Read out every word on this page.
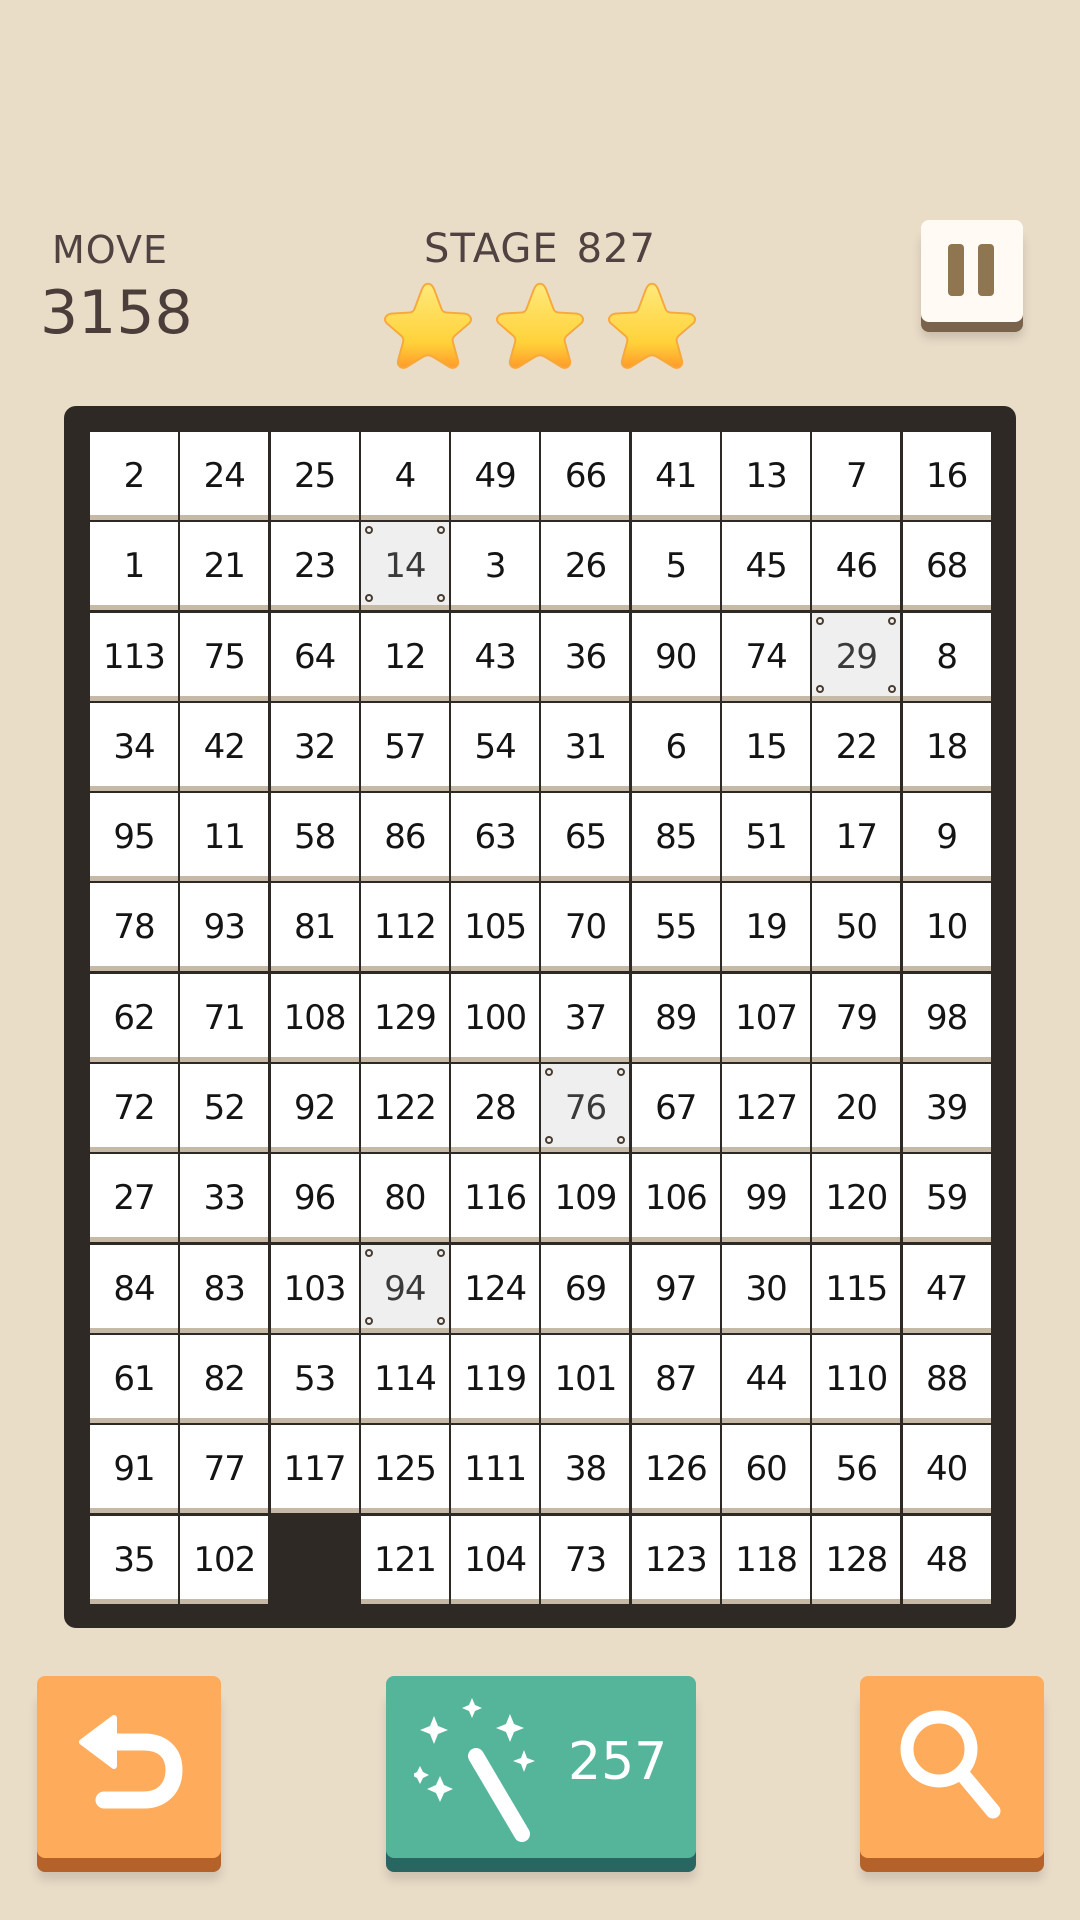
MOVE
3158
STAGE 827
2 24 25 4 49 66 41 13 7 16
1 21 23 14 3 26 5 45 46 68
113 75 64 12 43 36 90 74 29 8
34 42 32 57 54 31 6 15 22 18
95 11 58 86 63 65 85 51 17 9
78 93 81 112 105 70 55 19 50 10
62 71 108 129 100 37 89 107 79 98
72 52 92 122 28 76 67 127 20 39
27 33 96 80 116 109 106 99 120 59
84 83 103 94 124 69 97 30 115 47
61 82 53 114 119 101 87 44 110 88
91 77 117 125 111 38 126 60 56 40
35 102	121 104 73 123 118 128 48
257
